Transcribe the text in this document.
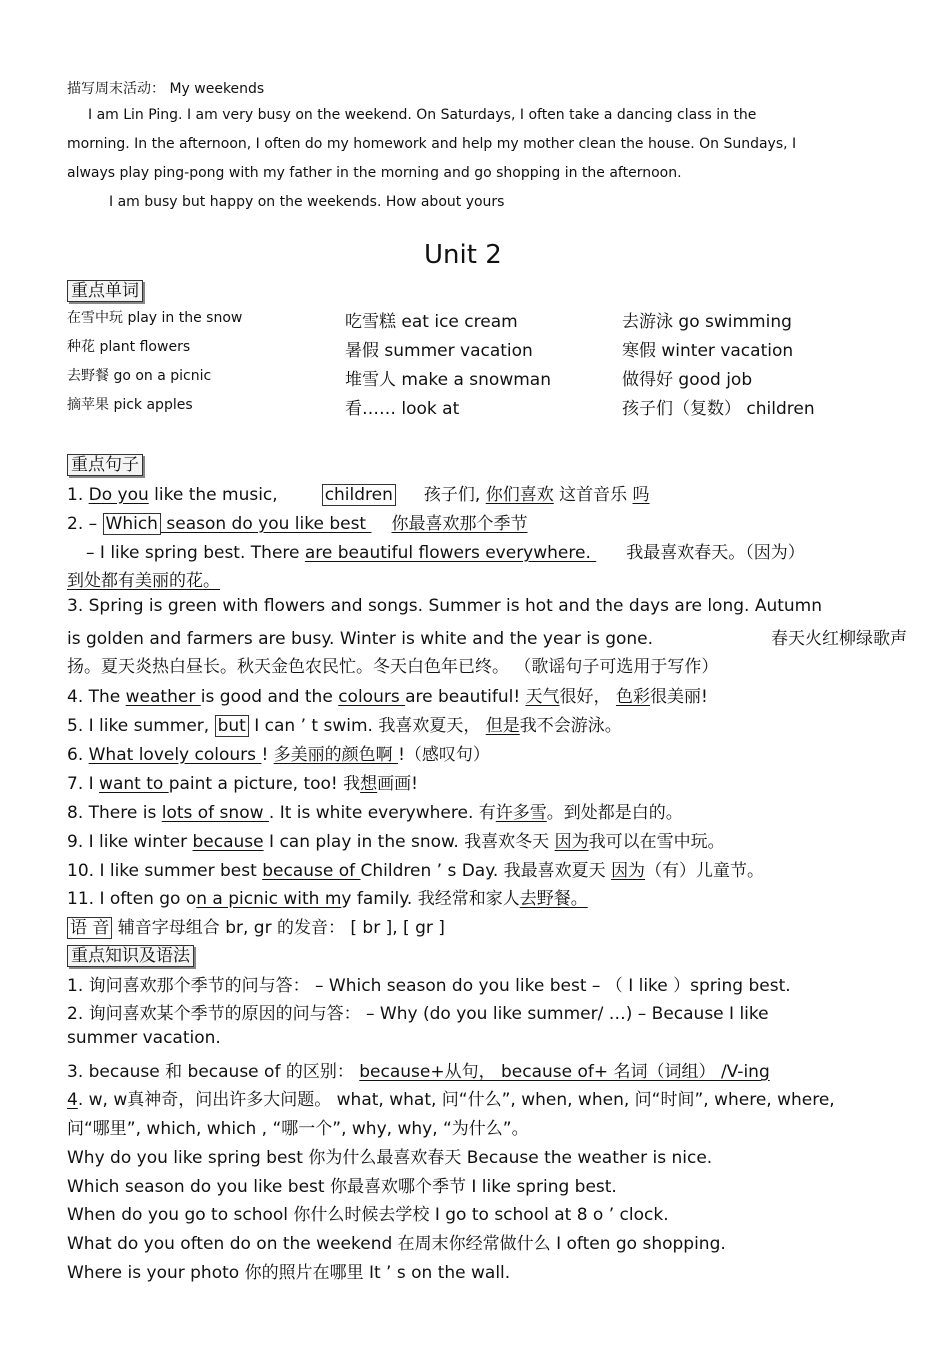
描写周末活动： My weekends
I am Lin Ping. I am very busy on the weekend. On Saturdays, I often take a dancing class in the
morning. In the afternoon, I often do my homework and help my mother clean the house. On Sundays, I
always play ping-pong with my father in the morning and go shopping in the afternoon.
I am busy but happy on the weekends. How about yours
Unit 2
重点单词
在雪中玩 play in the snow	吃雪糕 eat ice cream	去游泳 go swimming
种花 plant flowers	暑假 summer vacation	寒假 winter vacation
去野餐 go on a picnic	堆雪人 make a snowman	做得好 good job
摘苹果 pick apples	看…… look at	孩子们（复数） children
重点句子
1. Do you like the music,	children 孩子们, 你们喜欢 这首音乐 吗
2. – Which season do you like best 你最喜欢那个季节
– I like spring best. There are beautiful flowers everywhere. 我最喜欢春天。（因为）
到处都有美丽的花。
3. Spring is green with flowers and songs. Summer is hot and the days are long. Autumn
is golden and farmers are busy. Winter is white and the year is gone.	春天火红柳绿歌声
扬。夏天炎热白昼长。秋天金色农民忙。冬天白色年已终。 （歌谣句子可选用于写作）
4. The weather is good and the colours are beautiful! 天气很好， 色彩很美丽!
5. I like summer, but I can ’ t swim. 我喜欢夏天， 但是我不会游泳。
6. What lovely colours ! 多美丽的颜色啊 !（感叹句）
7. I want to paint a picture, too! 我想画画!
8. There is lots of snow . It is white everywhere. 有许多雪。到处都是白的。
9. I like winter because I can play in the snow. 我喜欢冬天 因为我可以在雪中玩。
10. I like summer best because of Children ’ s Day. 我最喜欢夏天 因为（有）儿童节。
11. I often go on a picnic with my family. 我经常和家人去野餐。
语 音 辅音字母组合 br, gr 的发音： [ br ], [ gr ]
重点知识及语法
1. 询问喜欢那个季节的问与答： – Which season do you like best – （ I like ）spring best.
2. 询问喜欢某个季节的原因的问与答： – Why (do you like summer/ …) – Because I like
summer vacation.
3. because 和 because of 的区别： because+从句， because of+ 名词（词组） /V-ing
4. w, w真神奇，问出许多大问题。 what, what, 问“什么”, when, when, 问“时间”, where, where,
问“哪里”, which, which , “哪一个”, why, why, “为什么”。
Why do you like spring best 你为什么最喜欢春天 Because the weather is nice.
Which season do you like best 你最喜欢哪个季节 I like spring best.
When do you go to school 你什么时候去学校 I go to school at 8 o ’ clock.
What do you often do on the weekend 在周末你经常做什么 I often go shopping.
Where is your photo 你的照片在哪里 It ’ s on the wall.
